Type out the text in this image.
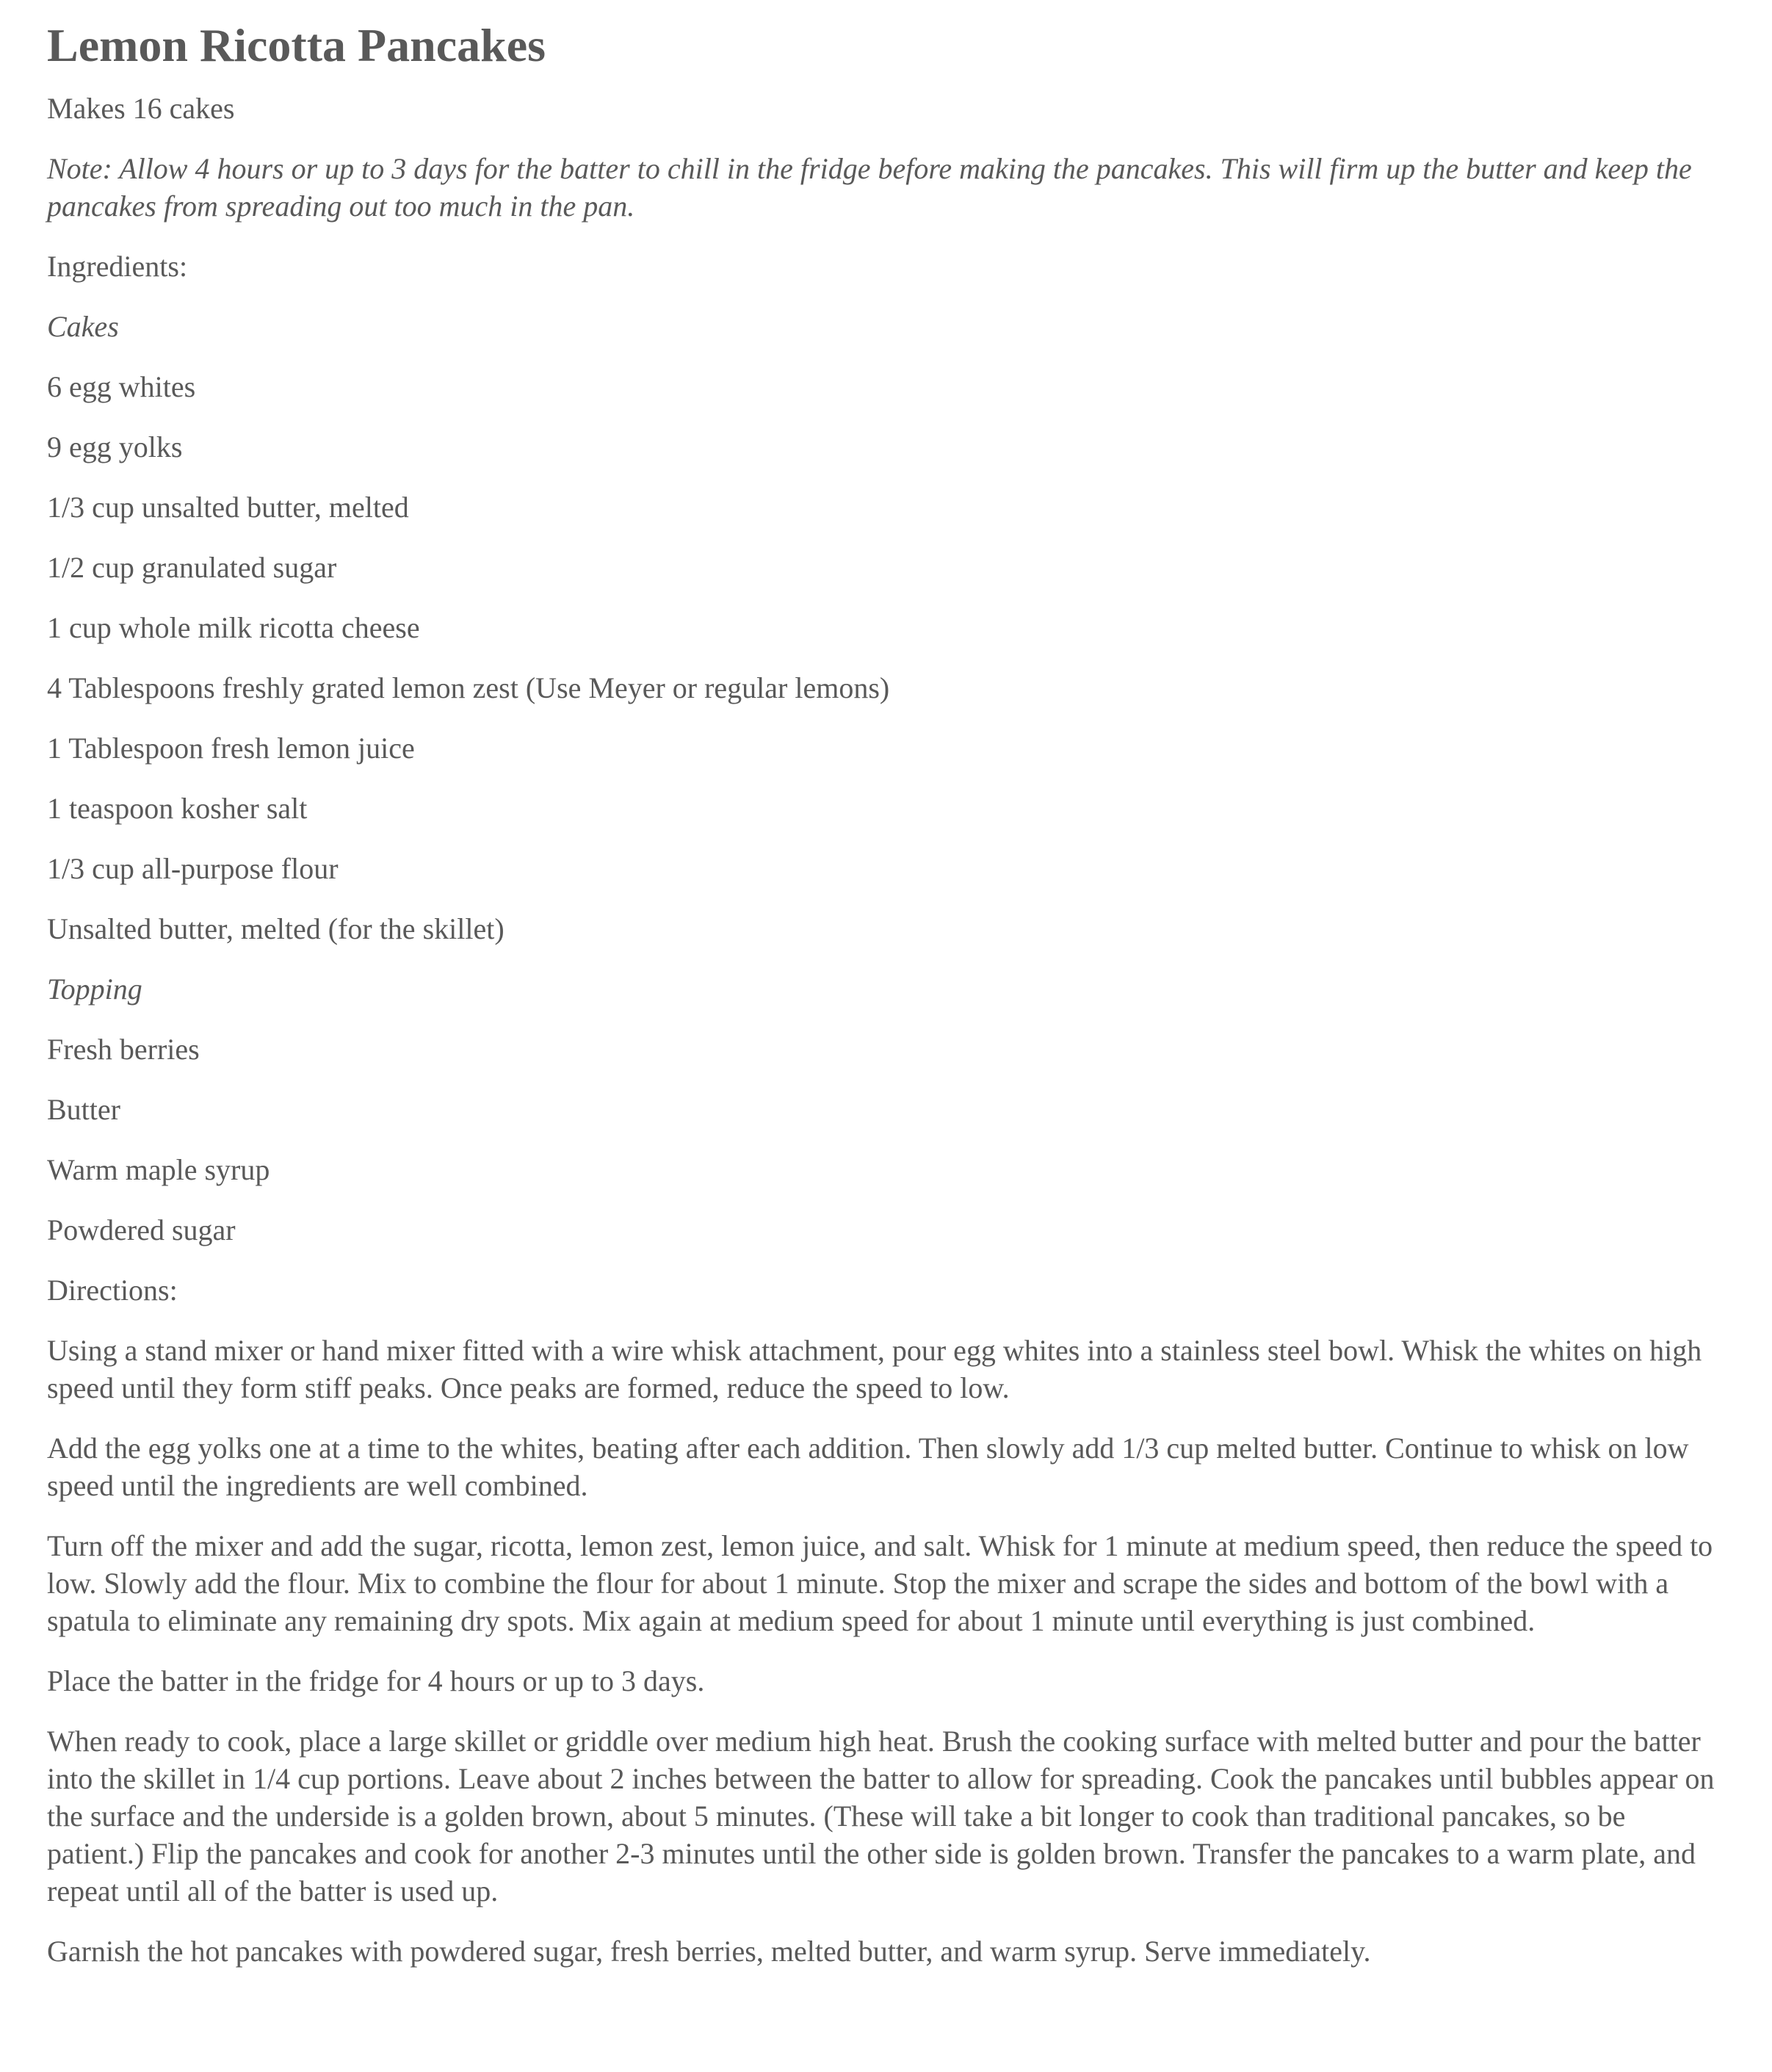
Lemon Ricotta Pancakes

Makes 16 cakes

Note: Allow 4 hours or up to 3 days for the batter to chill in the fridge before making the pancakes. This will firm up the butter and keep the pancakes from spreading out too much in the pan.

Ingredients:

Cakes

6 egg whites

9 egg yolks

1/3 cup unsalted butter, melted

1/2 cup granulated sugar

1 cup whole milk ricotta cheese

4 Tablespoons freshly grated lemon zest (Use Meyer or regular lemons)

1 Tablespoon fresh lemon juice

1 teaspoon kosher salt

1/3 cup all-purpose flour

Unsalted butter, melted (for the skillet)

Topping

Fresh berries

Butter

Warm maple syrup

Powdered sugar

Directions:

Using a stand mixer or hand mixer fitted with a wire whisk attachment, pour egg whites into a stainless steel bowl. Whisk the whites on high speed until they form stiff peaks. Once peaks are formed, reduce the speed to low.

Add the egg yolks one at a time to the whites, beating after each addition. Then slowly add 1/3 cup melted butter. Continue to whisk on low speed until the ingredients are well combined.

Turn off the mixer and add the sugar, ricotta, lemon zest, lemon juice, and salt. Whisk for 1 minute at medium speed, then reduce the speed to low. Slowly add the flour. Mix to combine the flour for about 1 minute. Stop the mixer and scrape the sides and bottom of the bowl with a spatula to eliminate any remaining dry spots. Mix again at medium speed for about 1 minute until everything is just combined.

Place the batter in the fridge for 4 hours or up to 3 days.

When ready to cook, place a large skillet or griddle over medium high heat. Brush the cooking surface with melted butter and pour the batter into the skillet in 1/4 cup portions. Leave about 2 inches between the batter to allow for spreading. Cook the pancakes until bubbles appear on the surface and the underside is a golden brown, about 5 minutes. (These will take a bit longer to cook than traditional pancakes, so be patient.) Flip the pancakes and cook for another 2-3 minutes until the other side is golden brown. Transfer the pancakes to a warm plate, and repeat until all of the batter is used up.

Garnish the hot pancakes with powdered sugar, fresh berries, melted butter, and warm syrup. Serve immediately.
